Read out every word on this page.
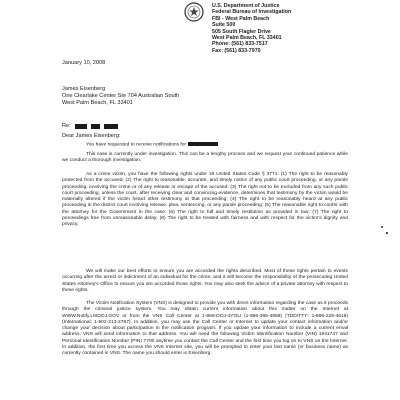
U.S. Department of Justice
Federal Bureau of Investigation
FBI - West Palm Beach
Suite 500
505 South Flagler Drive
West Palm Beach, FL 33401
Phone: (561) 833-7517
Fax: (561) 833-7970
January 10, 2008
James Eisenberg
One Clearlake Center Ste 704 Australian South
West Palm Beach, FL 33401
Re:
Dear James Eisenberg:
You have requested to receive notifications for	.
This case is currently under investigation. This can be a lengthy process and we request your continued patience while we conduct a thorough investigation.
As a crime victim, you have the following rights under 18 United States Code § 3771: (1) The right to be reasonably protected from the accused; (2) The right to reasonable, accurate, and timely notice of any public court proceeding, or any parole proceeding, involving the crime or of any release or escape of the accused; (3) The right not to be excluded from any such public court proceeding, unless the court, after receiving clear and convincing evidence, determines that testimony by the victim would be materially altered if the victim heard other testimony at that proceeding; (4) The right to be reasonably heard at any public proceeding in the district court involving release, plea, sentencing, or any parole proceeding; (5) The reasonable right to confer with the attorney for the Government in the case; (6) The right to full and timely restitution as provided in law; (7) The right to proceedings free from unreasonable delay; (8) The right to be treated with fairness and with respect for the victim's dignity and privacy.
We will make our best efforts to ensure you are accorded the rights described. Most of these rights pertain to events occurring after the arrest or indictment of an individual for the crime, and it will become the responsibility of the prosecuting United States Attorney's Office to ensure you are accorded those rights. You may also seek the advice of a private attorney with respect to these rights.
The Victim Notification System (VNS) is designed to provide you with direct information regarding the case as it proceeds through the criminal justice system. You may obtain current information about this matter on the Internet at WWW.Notify.USDOJ.GOV or from the VNS Call Center at 1-866-DOJ-4YOU (1-866-365-4968) (TDD/TTY: 1-866-228-4619) (International: 1-502-213-2767). In addition, you may use the Call Center or Internet to update your contact information and/or change your decision about participation in the notification program. If you update your information to include a current email address, VNS will send information to that address. You will need the following Victim Identification Number (VIN) 1941747 and Personal Identification Number (PIN) 7700 anytime you contact the Call Center and the first time you log on to VNS on the Internet. In addition, the first time you access the VNS Internet site, you will be prompted to enter your last name (or business name) as currently contained in VNS. The name you should enter is Eisenberg.
